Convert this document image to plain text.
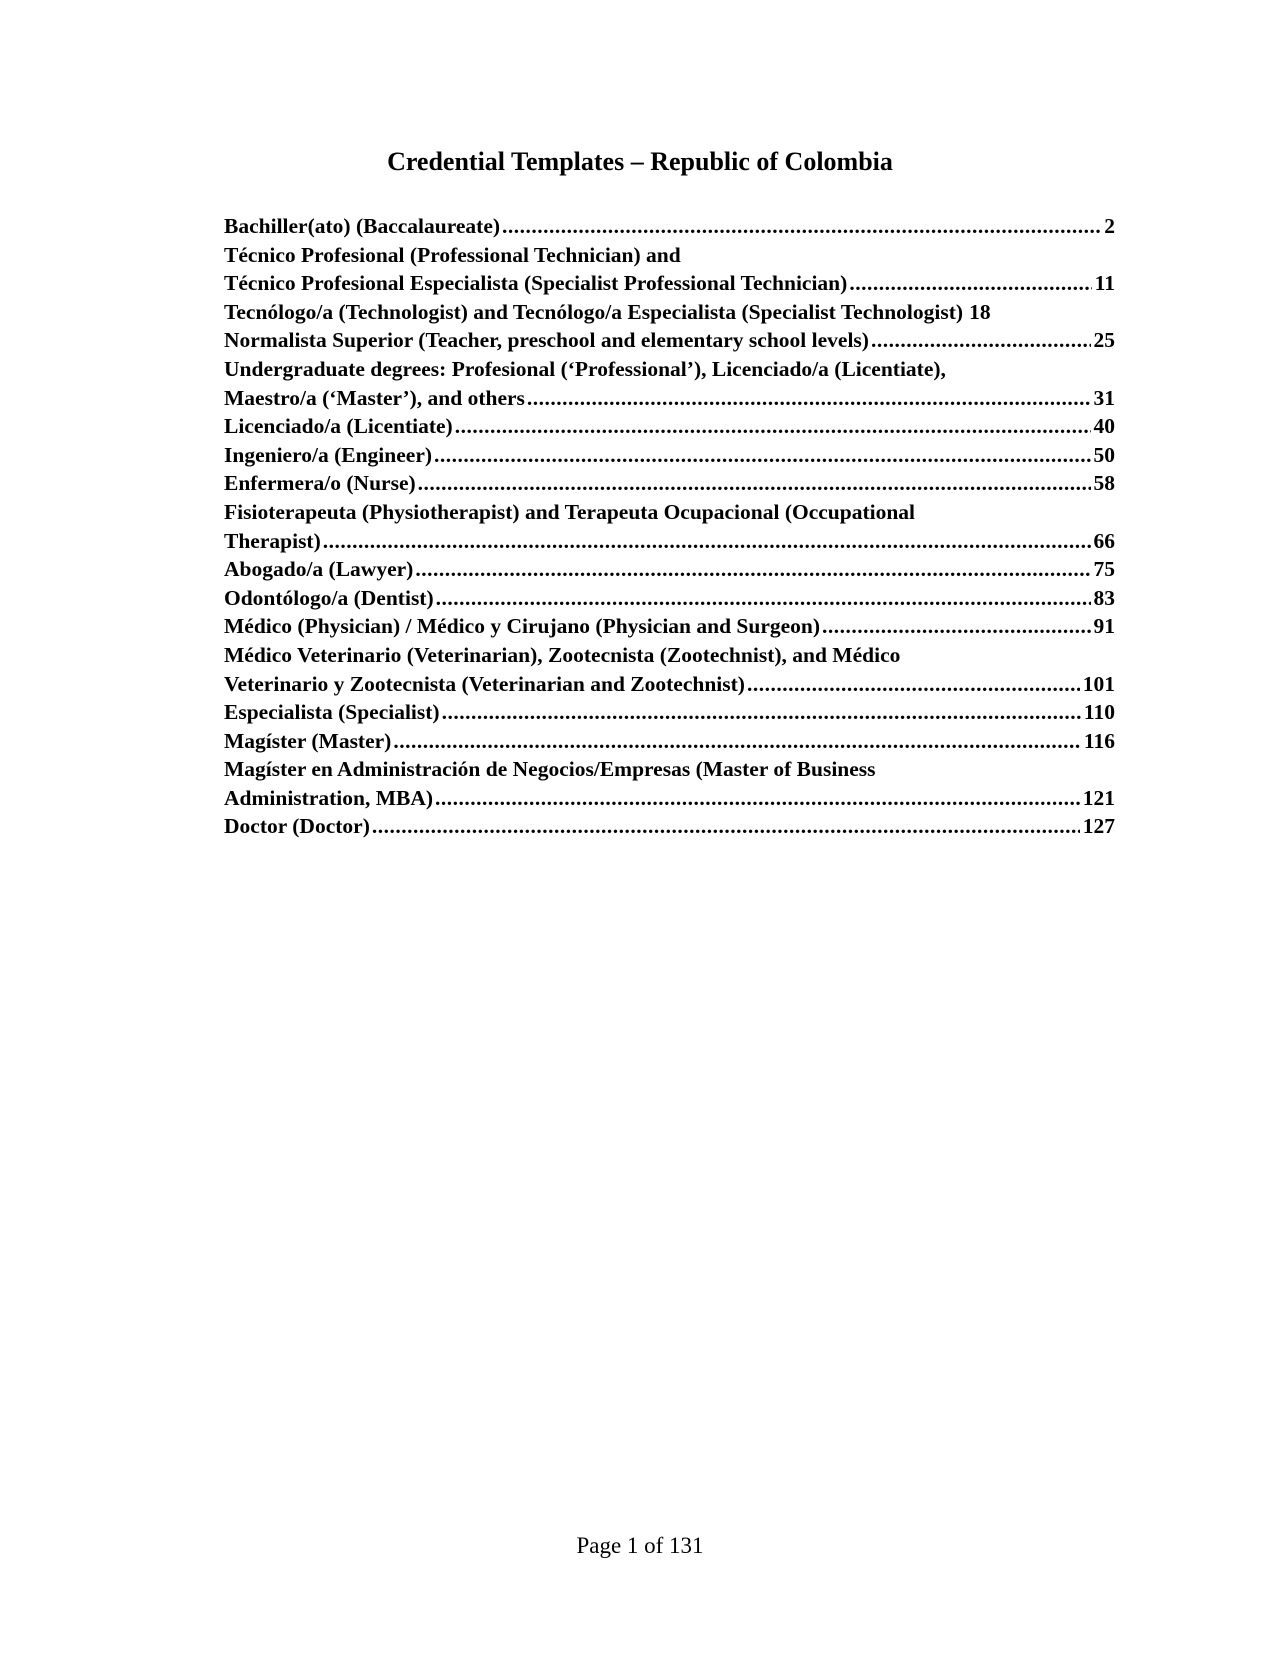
Credential Templates – Republic of Colombia
Bachiller(ato) (Baccalaureate) .....	2
Técnico Profesional (Professional Technician) and
Técnico Profesional Especialista (Specialist Professional Technician) .....	11
Tecnólogo/a (Technologist) and Tecnólogo/a Especialista (Specialist Technologist) 18
Normalista Superior (Teacher, preschool and elementary school levels) .....	25
Undergraduate degrees: Profesional (‘Professional’), Licenciado/a (Licentiate),
Maestro/a (‘Master’), and others .....	31
Licenciado/a (Licentiate) .....	40
Ingeniero/a (Engineer) .....	50
Enfermera/o (Nurse) .....	58
Fisioterapeuta (Physiotherapist) and Terapeuta Ocupacional (Occupational
Therapist) .....	66
Abogado/a (Lawyer) .....	75
Odontólogo/a (Dentist) .....	83
Médico (Physician) / Médico y Cirujano (Physician and Surgeon) .....	91
Médico Veterinario (Veterinarian), Zootecnista (Zootechnist), and Médico
Veterinario y Zootecnista (Veterinarian and Zootechnist) .....	101
Especialista (Specialist) .....	110
Magíster (Master) .....	116
Magíster en Administración de Negocios/Empresas (Master of Business
Administration, MBA) .....	121
Doctor (Doctor) .....	127
Page 1 of 131
